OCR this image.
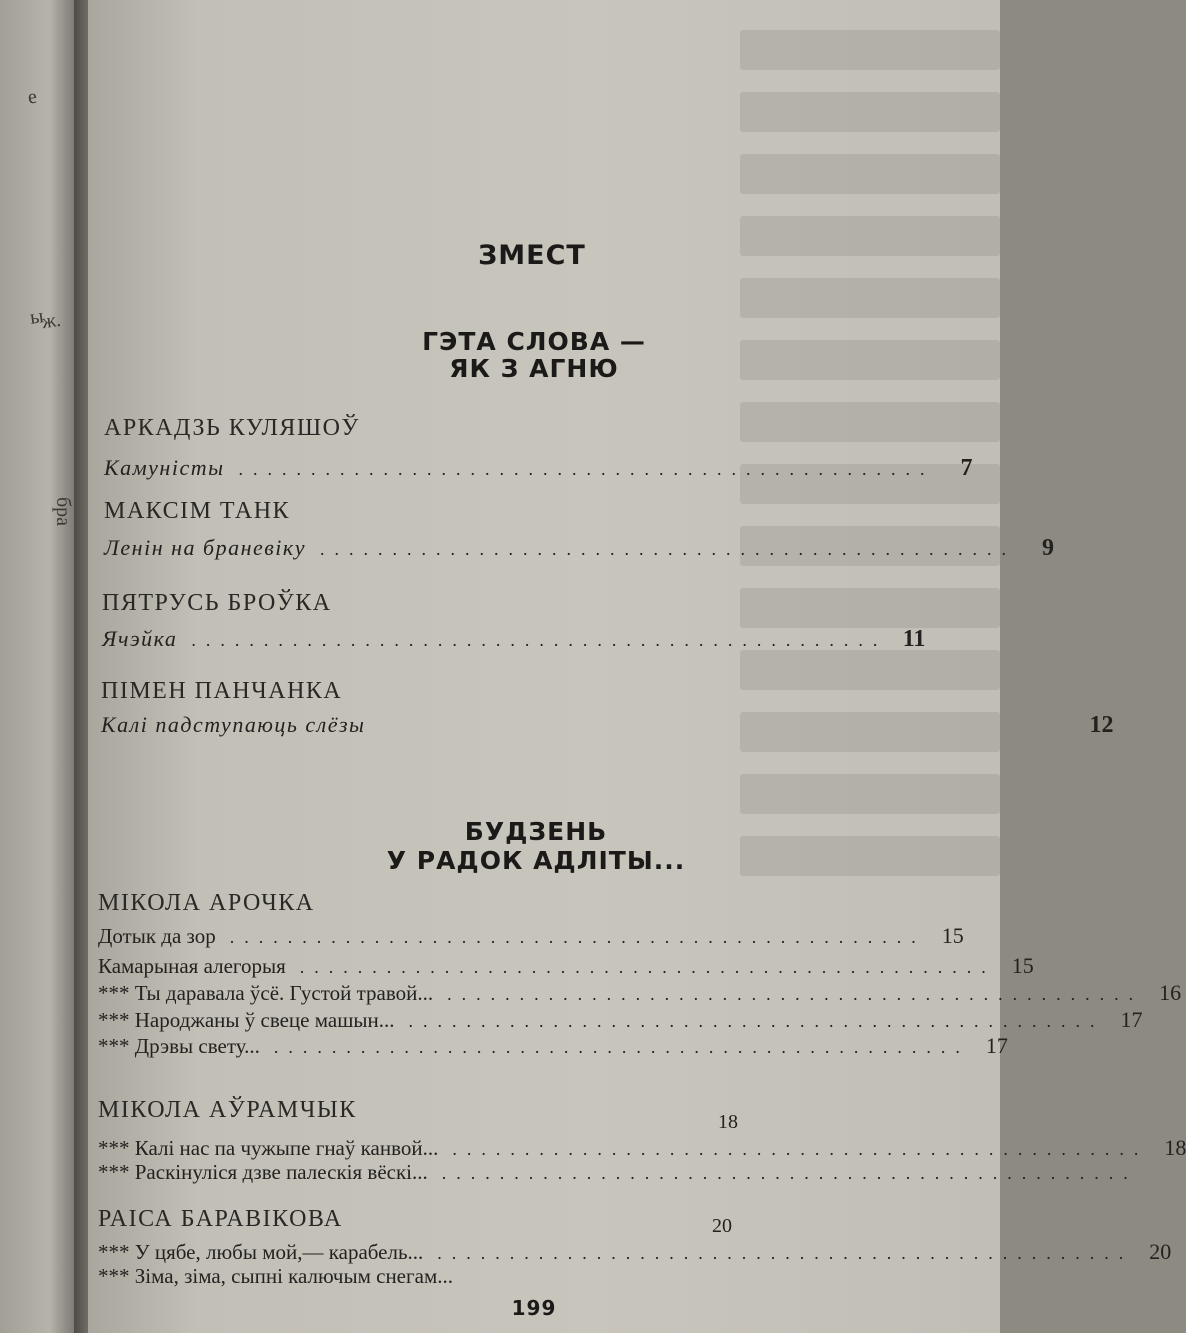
е
ы
ж.
бра
ЗМЕСТ
ГЭТА СЛОВА —
ЯК З АГНЮ
АРКАДЗЬ КУЛЯШОЎ
Камуністы ................................................	7
МАКСІМ ТАНК
Ленін на браневіку ................................................	9
ПЯТРУСЬ БРОЎКА
Ячэйка ................................................ 11
ПІМЕН ПАНЧАНКА
Калі падступаюць слёзы	12
БУДЗЕНЬ
У РАДОК АДЛІТЫ...
МІКОЛА АРОЧКА
Дотык да зор ................................................ 15
Камарыная алегорыя ................................................ 15
*** Ты даравала ўсё. Густой травой... ................................................ 16
*** Народжаны ў свеце машын... ................................................ 17
*** Дрэвы свету... ................................................ 17
МІКОЛА АЎРАМЧЫК	18
*** Калі нас па чужыпе гнаў канвой... ................................................ 18
*** Раскінуліся дзве палескія вёскі... ................................................
РАІСА БАРАВІКОВА	20
*** У цябе, любы мой,— карабель... ................................................ 20
*** Зіма, зіма, сыпні калючым снегам...
199
